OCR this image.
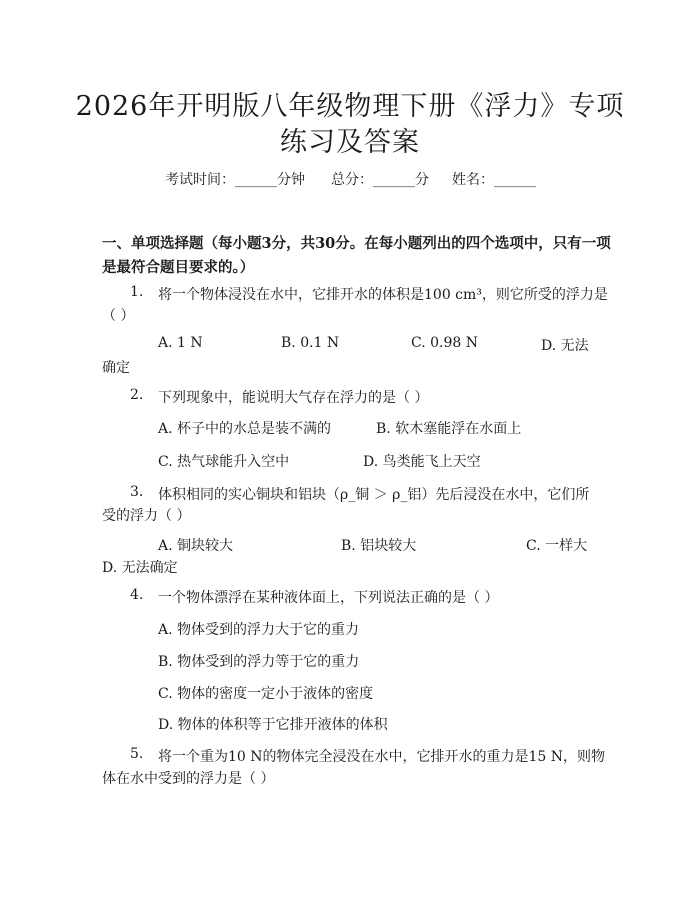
2026年开明版八年级物理下册《浮力》专项
练习及答案
考试时间：______分钟 总分：______分 姓名：______
一、单项选择题（每小题3分，共30分。在每小题列出的四个选项中，只有一项
是最符合题目要求的。）
1. 将一个物体浸没在水中，它排开水的体积是100 cm³，则它所受的浮力是
（ ）
A. 1 N	B. 0.1 N	C. 0.98 N	D. 无法
确定
2. 下列现象中，能说明大气存在浮力的是（ ）
A. 杯子中的水总是装不满的	B. 软木塞能浮在水面上
C. 热气球能升入空中	D. 鸟类能飞上天空
3. 体积相同的实心铜块和铝块（ρ_铜 ＞ ρ_铝）先后浸没在水中，它们所
受的浮力（ ）
A. 铜块较大	B. 铝块较大	C. 一样大
D. 无法确定
4. 一个物体漂浮在某种液体面上，下列说法正确的是（ ）
A. 物体受到的浮力大于它的重力
B. 物体受到的浮力等于它的重力
C. 物体的密度一定小于液体的密度
D. 物体的体积等于它排开液体的体积
5. 将一个重为10 N的物体完全浸没在水中，它排开水的重力是15 N，则物
体在水中受到的浮力是（ ）
